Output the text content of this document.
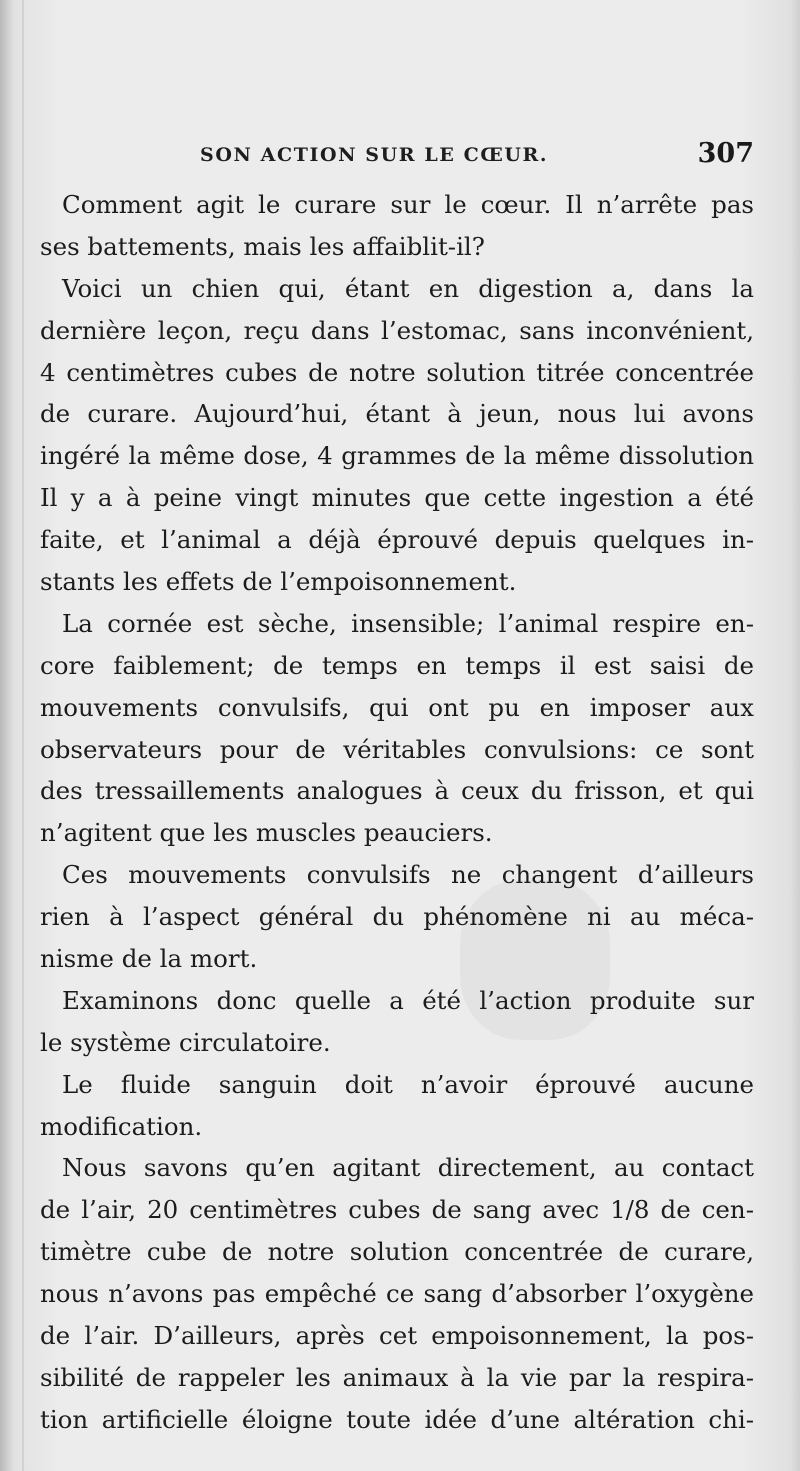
SON ACTION SUR LE CŒUR.	307
Comment agit le curare sur le cœur. Il n’arrête pas
ses battements, mais les affaiblit-il?
Voici un chien qui, étant en digestion a, dans la
dernière leçon, reçu dans l’estomac, sans inconvénient,
4 centimètres cubes de notre solution titrée concentrée
de curare. Aujourd’hui, étant à jeun, nous lui avons
ingéré la même dose, 4 grammes de la même dissolution
Il y a à peine vingt minutes que cette ingestion a été
faite, et l’animal a déjà éprouvé depuis quelques in-
stants les effets de l’empoisonnement.
La cornée est sèche, insensible; l’animal respire en-
core faiblement; de temps en temps il est saisi de
mouvements convulsifs, qui ont pu en imposer aux
observateurs pour de véritables convulsions: ce sont
des tressaillements analogues à ceux du frisson, et qui
n’agitent que les muscles peauciers.
Ces mouvements convulsifs ne changent d’ailleurs
rien à l’aspect général du phénomène ni au méca-
nisme de la mort.
Examinons donc quelle a été l’action produite sur
le système circulatoire.
Le fluide sanguin doit n’avoir éprouvé aucune
modification.
Nous savons qu’en agitant directement, au contact
de l’air, 20 centimètres cubes de sang avec 1/8 de cen-
timètre cube de notre solution concentrée de curare,
nous n’avons pas empêché ce sang d’absorber l’oxygène
de l’air. D’ailleurs, après cet empoisonnement, la pos-
sibilité de rappeler les animaux à la vie par la respira-
tion artificielle éloigne toute idée d’une altération chi-
